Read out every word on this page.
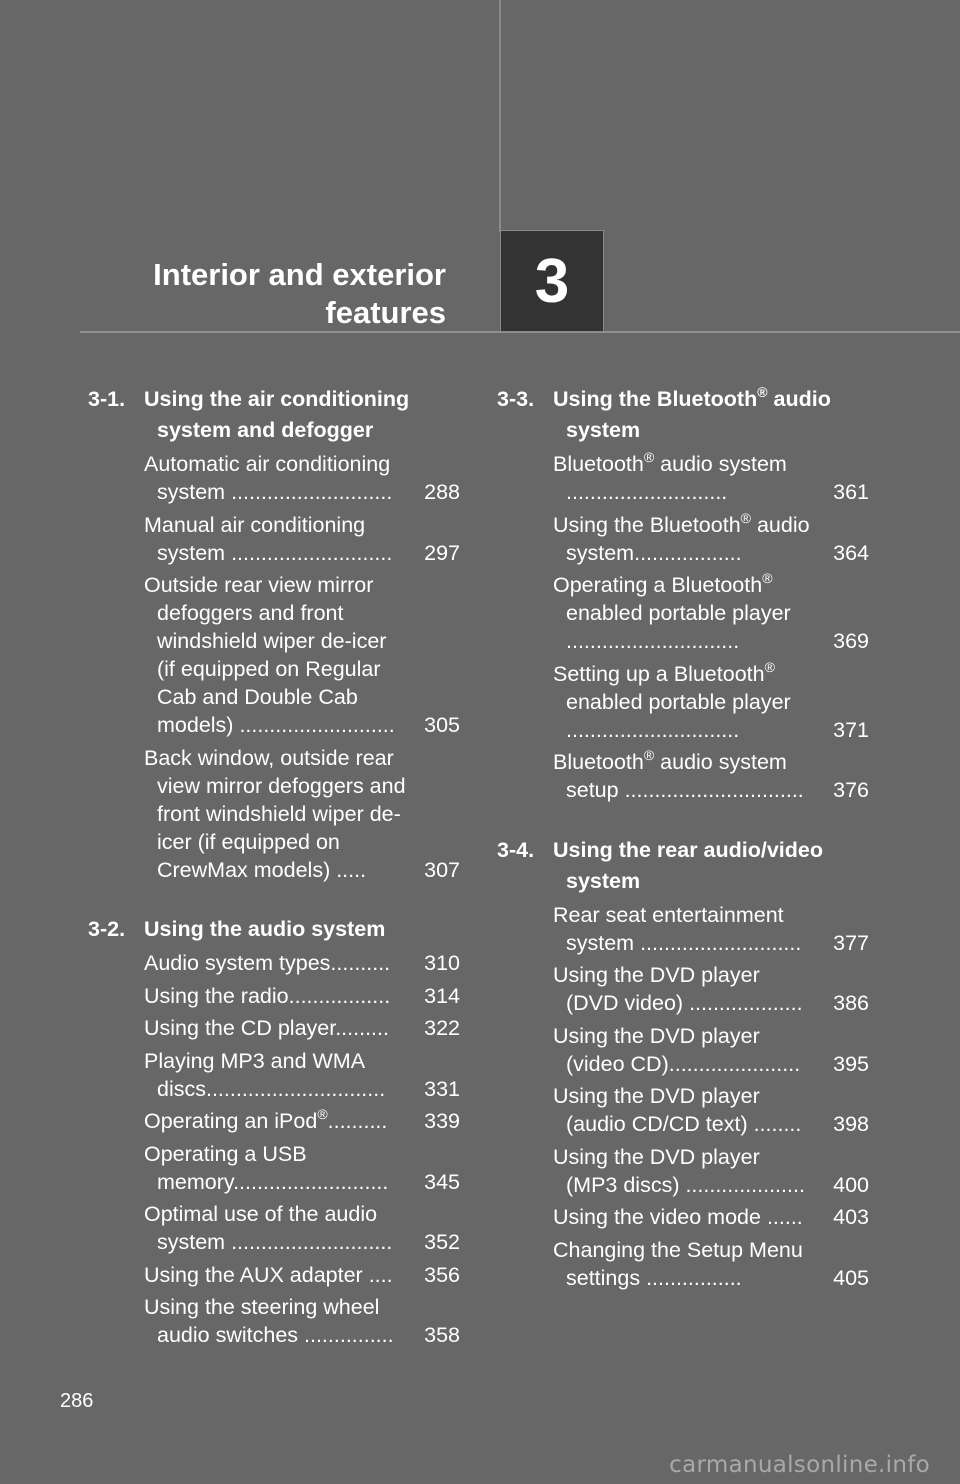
Interior and exterior
features 3
3-1. Using the air conditioning system and defogger
Automatic air conditioning system ...........................	288
Manual air conditioning system ...........................	297
Outside rear view mirror defoggers and front windshield wiper de-icer (if equipped on Regular Cab and Double Cab models) ..........................	305
Back window, outside rear view mirror defoggers and front windshield wiper de-icer (if equipped on CrewMax models) .....	307
3-2. Using the audio system
Audio system types..........	310
Using the radio.................	314
Using the CD player.........	322
Playing MP3 and WMA discs..............................	331
Operating an iPod®..........	339
Operating a USB memory..........................	345
Optimal use of the audio system ...........................	352
Using the AUX adapter ....	356
Using the steering wheel audio switches ...............	358
3-3. Using the Bluetooth® audio system
Bluetooth® audio system ...........................	361
Using the Bluetooth® audio system..................	364
Operating a Bluetooth® enabled portable player .............................	369
Setting up a Bluetooth® enabled portable player .............................	371
Bluetooth® audio system setup ..............................	376
3-4. Using the rear audio/video system
Rear seat entertainment system ...........................	377
Using the DVD player (DVD video) ...................	386
Using the DVD player (video CD)......................	395
Using the DVD player (audio CD/CD text) ........	398
Using the DVD player (MP3 discs) ....................	400
Using the video mode ......	403
Changing the Setup Menu settings ................	405
286
carmanualsonline.info
